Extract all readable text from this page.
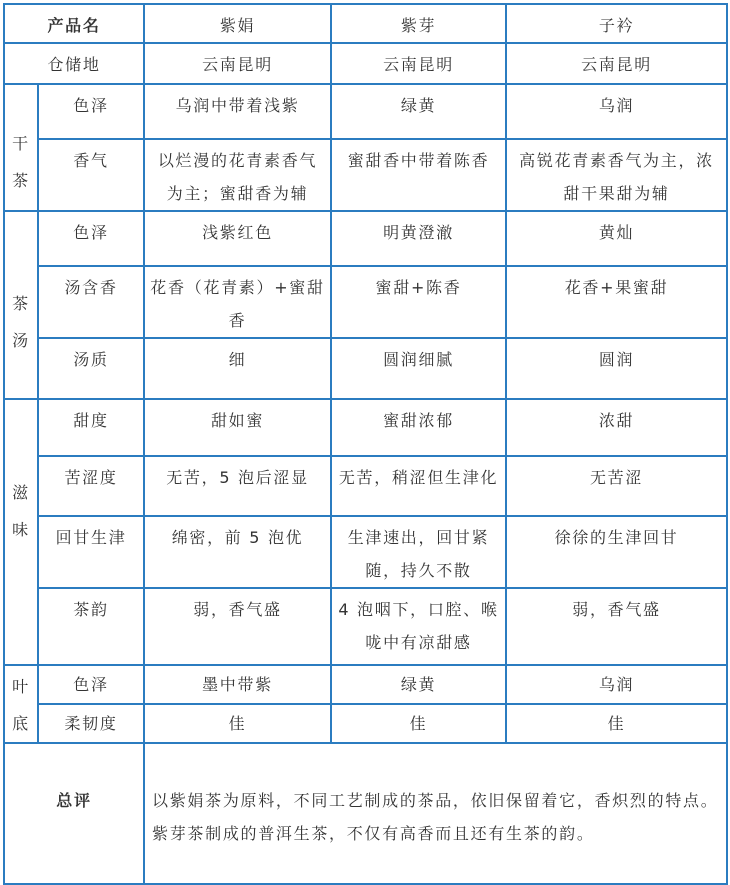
产品名		紫娟	紫芽	子衿
仓储地		云南昆明	云南昆明	云南昆明
干茶	色泽	乌润中带着浅紫	绿黄	乌润
	香气	以烂漫的花青素香气为主；蜜甜香为辅	蜜甜香中带着陈香	高锐花青素香气为主，浓甜干果甜为辅
茶汤	色泽	浅紫红色	明黄澄澈	黄灿
	汤含香	花香（花青素）+蜜甜香	蜜甜+陈香	花香+果蜜甜
	汤质	细	圆润细腻	圆润
滋味	甜度	甜如蜜	蜜甜浓郁	浓甜
	苦涩度	无苦，5 泡后涩显	无苦，稍涩但生津化	无苦涩
	回甘生津	绵密，前 5 泡优	生津速出，回甘紧随，持久不散	徐徐的生津回甘
	茶韵	弱，香气盛	4 泡咽下，口腔、喉咙中有凉甜感	弱，香气盛
叶底	色泽	墨中带紫	绿黄	乌润
	柔韧度	佳	佳	佳
总评		以紫娟茶为原料，不同工艺制成的茶品，依旧保留着它，香炽烈的特点。
紫芽茶制成的普洱生茶，不仅有高香而且还有生茶的韵。		
